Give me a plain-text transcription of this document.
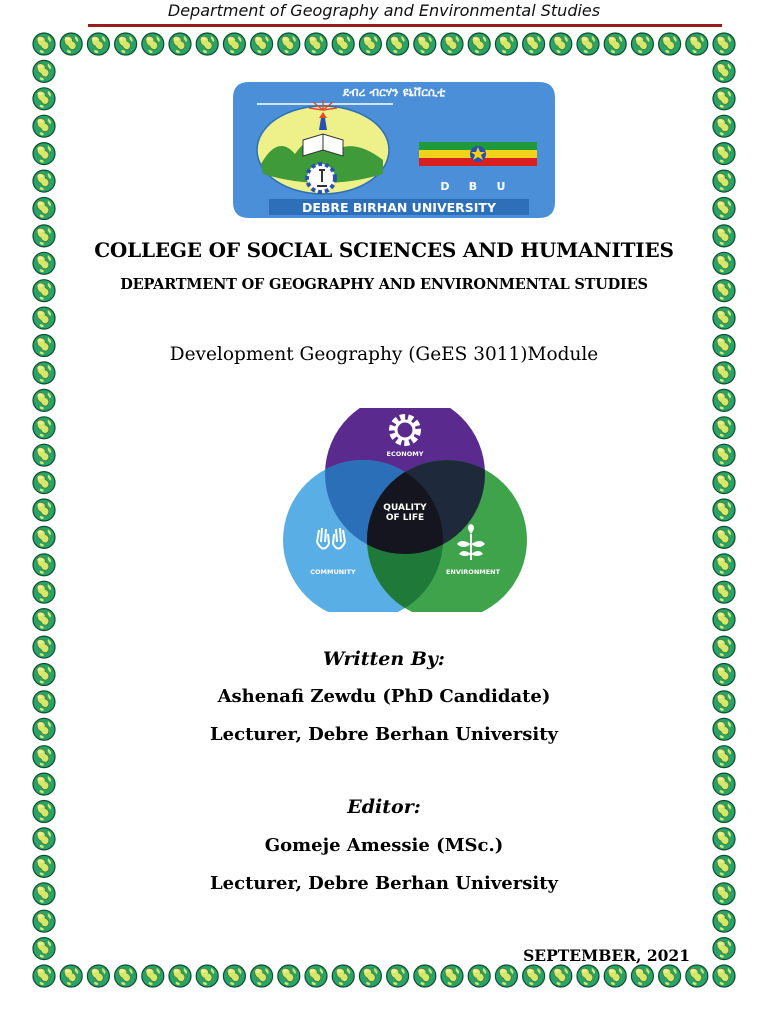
Department of Geography and Environmental Studies
ደብረ ብርሃን ዩኒቨርሲቲ
D B U
DEBRE BIRHAN UNIVERSITY
COLLEGE OF SOCIAL SCIENCES AND HUMANITIES
DEPARTMENT OF GEOGRAPHY AND ENVIRONMENTAL STUDIES
Development Geography (GeES 3011)Module
ECONOMY
QUALITY
OF LIFE
COMMUNITY	ENVIRONMENT
Written By:
Ashenafi Zewdu (PhD Candidate)
Lecturer, Debre Berhan University
Editor:
Gomeje Amessie (MSc.)
Lecturer, Debre Berhan University
SEPTEMBER, 2021
